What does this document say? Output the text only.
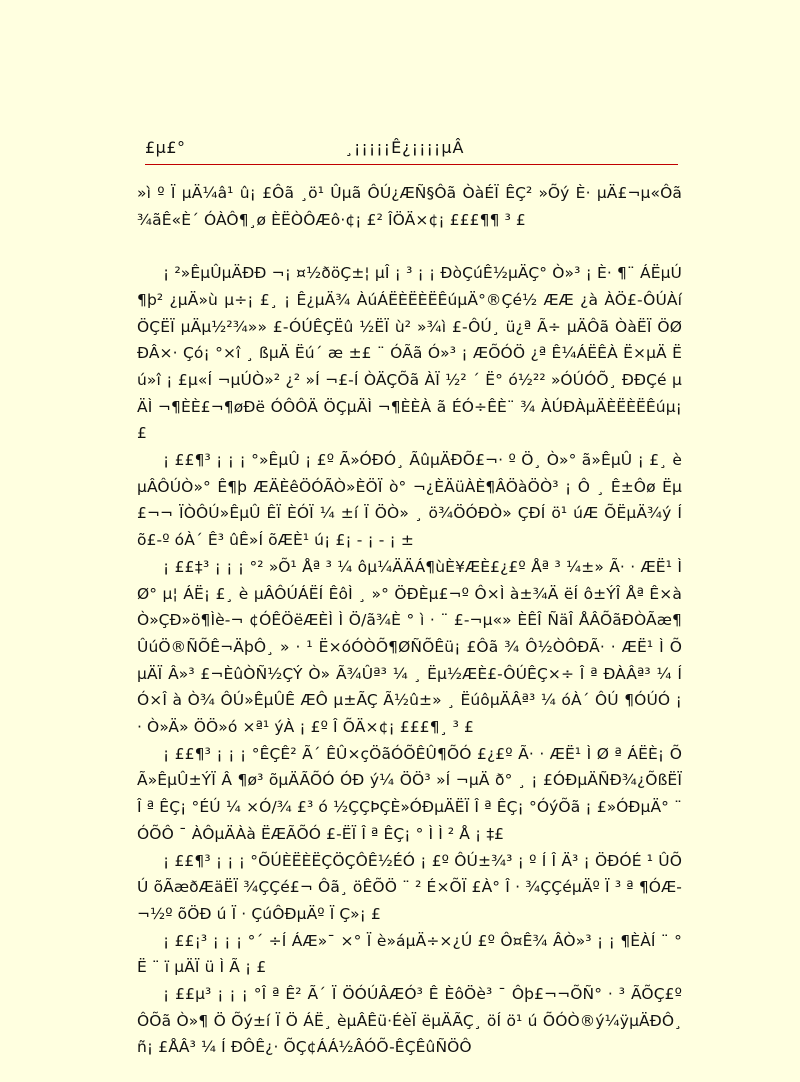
£µ£°	¸¡¡¡¡¡Ê¿¡¡¡¡µÂ

»ì º Ï µÄ¼â¹ û¡ £Ôã ¸ö¹ Ûµã ÔÚ¿ÆÑ§Ôã ÒàÉÏ ÊÇ² »Õý È· µÄ£¬µ«Ôã ¾ãÊ«È´ ÓÀÔ¶¸ø ÈËÒÔÆô·¢¡ £² ÎÖÄ×¢¡ £££¶¶ ³ £

¡ ²»ÊµÛµÄÐÐ ¬¡ ¤½ðöÇ±¦ µÎ ¡ ³ ¡ ¡ ÐòÇúÊ½µÄÇ° Ò»³ ¡ È· ¶¨ ÁËµÚ¶þ² ¿µÄ»ù µ÷¡ £¸ ¡ Ê¿µÄ¾ ÀúÁËÈËÈËÊúµÄ°®Çé½ ÆÆ ¿à ÀÖ£-ÔÚÀí ÖÇËÏ µÄµ½²¾»» £-ÓÚÊÇËû ½ËÏ ù² »¾ì £-ÔÚ¸ ü¿ª Ã÷ µÄÔã ÒàËÏ ÖØÐÂ×· Çó¡ °×î ¸ ßµÄ Ëú´ æ ±£ ¨ ÓÃã Ó»³ ¡ ÆÕÓÖ ¿ª Ê¼ÁËÊÀ Ë×µÄ Ëú»î ¡ £µ«Í ¬µÚÒ»² ¿² »Í ¬£-Í ÒÄÇÕã ÀÏ ½² ´ Ë° ó½²² »ÓÚÓÕ¸ ÐÐÇé µÄÌ ¬¶ÈÈ£¬¶øÐë ÓÔÔÄ ÖÇµÄÌ ¬¶ÈÈÀ ã ÉÓ÷ÊÈ¨ ¾ ÀÚÐÀµÄÈËÈËÊúµ¡ £

¡ ££¶³ ¡ ¡ ¡ °»ÊµÛ ¡ £º Ã»ÓÐÓ¸ ÃûµÄÐÕ£¬· º Ö¸ Ò»° ã»ÊµÛ ¡ £¸ èµÂÔÚÒ»° Ê¶þ ÆÄÈêÖÓÃÒ»ÈÖÏ ò° ¬¿ÈÄüÀÈ¶ÂÖàÖÒ³ ¡ Ô ¸ Ê±Ôø Ëµ£¬¬ ÏÒÔÚ»ÊµÛ ÊÏ ÈÓÏ ¼ ±í Ï ÖÒ» ¸ ö¾ÖÓÐÒ» ÇÐÍ ö¹ úÆ ÕËµÄ¾ý Í õ£-º óÀ´ Ê³ ûÊ»Í õÆÈ¹ ú¡ £¡ - ¡ - ¡ ±

¡ ££‡³ ¡ ¡ ¡ °² »Õ¹ Åª ³ ¼ ôµ¼ÄÄÁ¶ùÈ¥ÆÈ£¿£º Åª ³ ¼±» Ã· · ÆË¹ Ì Ø° µ¦ ÁË¡ £¸ è µÂÔÚÁËÍ ÊôÌ ¸ »° ÖÐÈµ£¬º Ô×Ì à±¾Ä ëÍ ô±ÝÎ Åª Ê×àÒ»ÇÐ»ö¶Ìè-¬ ¢ÓÊÖëÆÈÌ Ì Ö/ã¾È ° ì · ¨ £-¬µ«» ÈÊÎ ÑäÎ ÅÂÕãÐÒÃæ¶ÛúÖ®ÑÕÊ¬ÄþÔ¸ » · ¹ Ë×óÓÒÕ¶ØÑÕÊü¡ £Ôã ¾ Ô½ÒÔÐÃ· · ÆË¹ Ì ÕµÄÏ Â»³ £¬ÈûÒÑ½ÇÝ Ò» Ã¾Ûª³ ¼ ¸ Ëµ½ÆÈ£-ÔÚÊÇ×÷ Î ª ÐÀÂª³ ¼ Í Ó×Î à Ò¾ ÔÚ»ÊµÛÊ ÆÔ µ±ÃÇ Ã½û±» ¸ ËúôµÄÂª³ ¼ óÀ´ ÔÚ ¶ÓÚÓ ¡ · Ò»Ä» ÖÖ»ó ×ª¹ ýÀ ¡ £º Î ÕÄ×¢¡ £££¶¸ ³ £

¡ ££¶³ ¡ ¡ ¡ °ÊÇÊ² Ã´ ÊÛ×çÖãÓÕÊÛ¶ÕÓ £¿£º Ã· · ÆË¹ Ì Ø ª ÁËÈ¡ ÕÃ»ÊµÛ±ÝÏ Â ¶ø³ õµÄÃÕÓ ÓÐ ý¼ ÖÖ³ »Í ¬µÄ ð° ¸ ¡ £ÓÐµÄÑÐ¾¿ÕßËÏ Î ª ÊÇ¡ °ÉÚ ¼ ×Ó/¾ £³ ó ½ÇÇÞÇÈ»ÓÐµÄËÏ Î ª ÊÇ¡ °ÓýÕã ¡ £»ÓÐµÄ° ¨ ÓÕÔ ¯ ÀÔµÄÀà ËÆÃÕÓ £-ËÏ Î ª ÊÇ¡ ° Ì Ì ² Å ¡ ‡£

¡ ££¶³ ¡ ¡ ¡ °ÕÚÈËÈËÇÖÇÔÊ½ÉÓ ¡ £º ÔÚ±¾³ ¡ º Í Î Ä³ ¡ ÖÐÓÉ ¹ ÛÕÚ õÃæðÆäËÏ ¾ÇÇé£¬ Ôã¸ öÊÕÖ ¨ ² É×ÕÏ £À° Î · ¾ÇÇéµÄº Ï ³ ª ¶ÓÆ-¬½º õÖÐ ú Ï · ÇúÔÐµÄº Ï Ç»¡ £

¡ ££¡³ ¡ ¡ ¡ °´ ÷Í ÁÆ»¯ ×° Ï è»áµÄ÷×¿Ú £º Ô¤Ê¾ ÂÒ»³ ¡ ¡ ¶ÈÀÍ ¨ ° Ë ¨ ï µÄÏ ü Ì Ã ¡ £

¡ ££µ³ ¡ ¡ ¡ °Î ª Ê² Ã´ Ï ÖÓÚÂÆÓ³ Ê ÈôÖè³ ¯ Ôþ£¬¬ÕÑ° · ³ ÃÕÇ£º ÔÕã Ò»¶ Ö Õý±í Ï Ö ÁË¸ èµÂÊü·ÉèÏ ëµÄÃÇ¸ öÍ ö¹ ú ÕÓÒ®ý¼ÿµÄÐÔ¸ ñ¡ £ÅÂ³ ¼ Í ÐÔÊ¿· ÕÇ¢ÁÁ½ÂÓÕ-ÊÇÊûÑÖÔ
